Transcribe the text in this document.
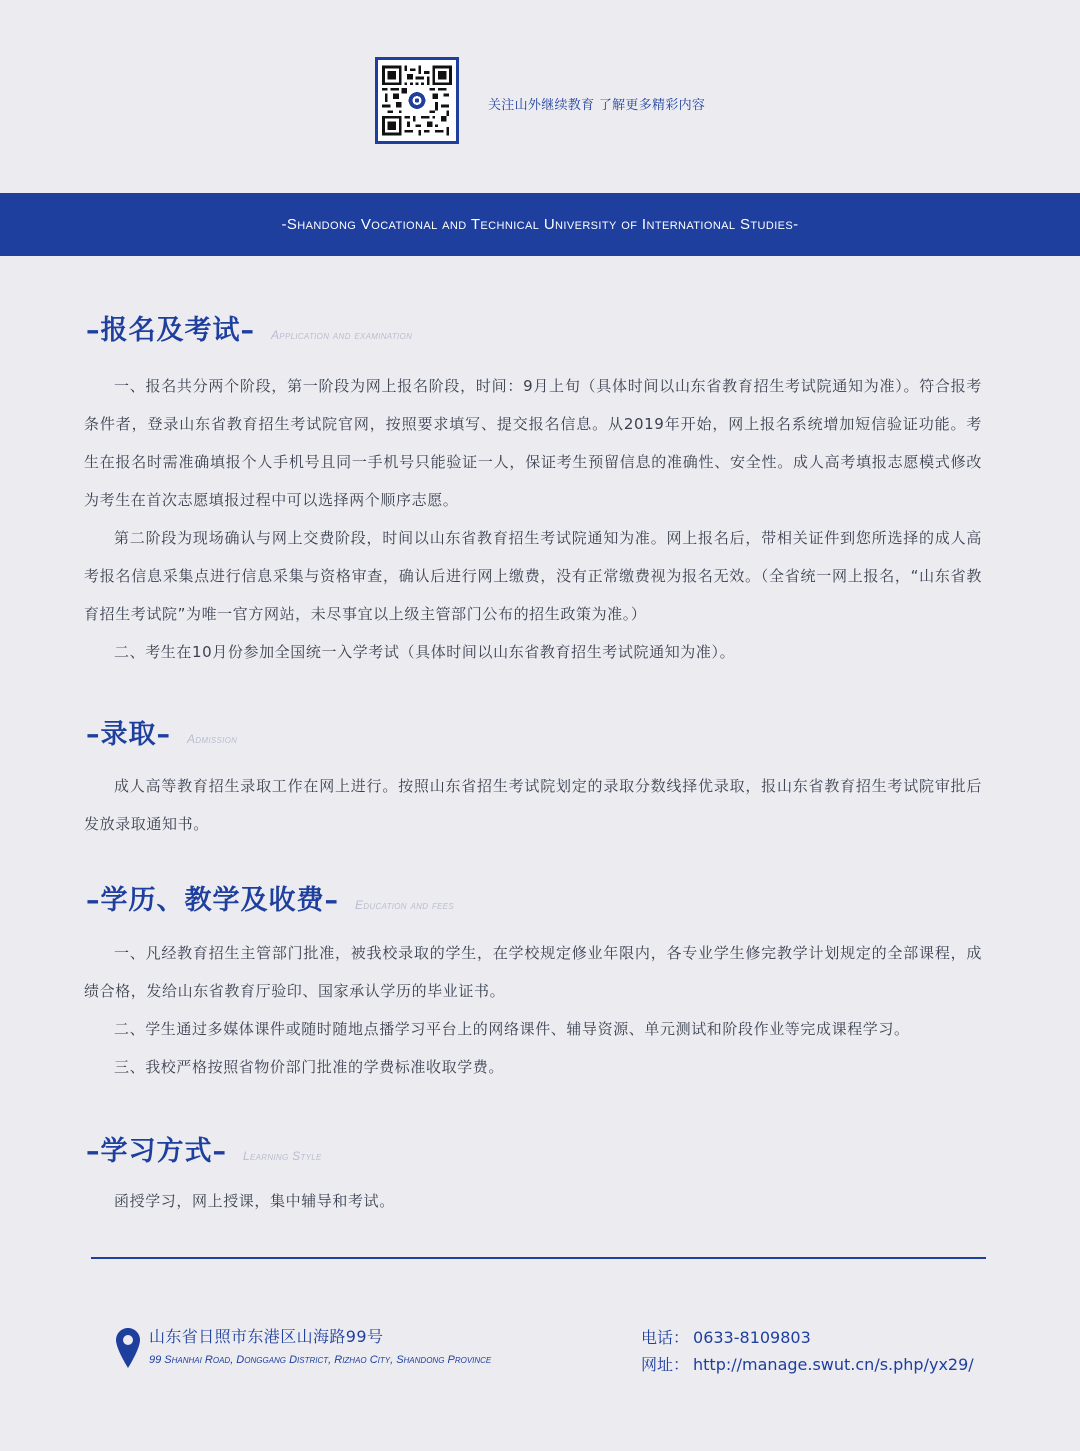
关注山外继续教育 了解更多精彩内容
-Shandong Vocational and Technical University of International Studies-
–报名及考试– Application and examination

一、报名共分两个阶段，第一阶段为网上报名阶段，时间：9月上旬（具体时间以山东省教育招生考试院通知为准）。符合报考条件者，登录山东省教育招生考试院官网，按照要求填写、提交报名信息。从2019年开始，网上报名系统增加短信验证功能。考生在报名时需准确填报个人手机号且同一手机号只能验证一人，保证考生预留信息的准确性、安全性。成人高考填报志愿模式修改为考生在首次志愿填报过程中可以选择两个顺序志愿。

第二阶段为现场确认与网上交费阶段，时间以山东省教育招生考试院通知为准。网上报名后，带相关证件到您所选择的成人高考报名信息采集点进行信息采集与资格审查，确认后进行网上缴费，没有正常缴费视为报名无效。（全省统一网上报名，“山东省教育招生考试院”为唯一官方网站，未尽事宜以上级主管部门公布的招生政策为准。）

二、考生在10月份参加全国统一入学考试（具体时间以山东省教育招生考试院通知为准）。

–录取– Admission

成人高等教育招生录取工作在网上进行。按照山东省招生考试院划定的录取分数线择优录取，报山东省教育招生考试院审批后发放录取通知书。

–学历、教学及收费– Education and fees

一、凡经教育招生主管部门批准，被我校录取的学生，在学校规定修业年限内，各专业学生修完教学计划规定的全部课程，成绩合格，发给山东省教育厅验印、国家承认学历的毕业证书。

二、学生通过多媒体课件或随时随地点播学习平台上的网络课件、辅导资源、单元测试和阶段作业等完成课程学习。

三、我校严格按照省物价部门批准的学费标准收取学费。

–学习方式– Learning Style

函授学习，网上授课，集中辅导和考试。

山东省日照市东港区山海路99号
99 Shanhai Road, Donggang District, Rizhao City, Shandong Province
电话： 0633-8109803
网址： http://manage.swut.cn/s.php/yx29/
